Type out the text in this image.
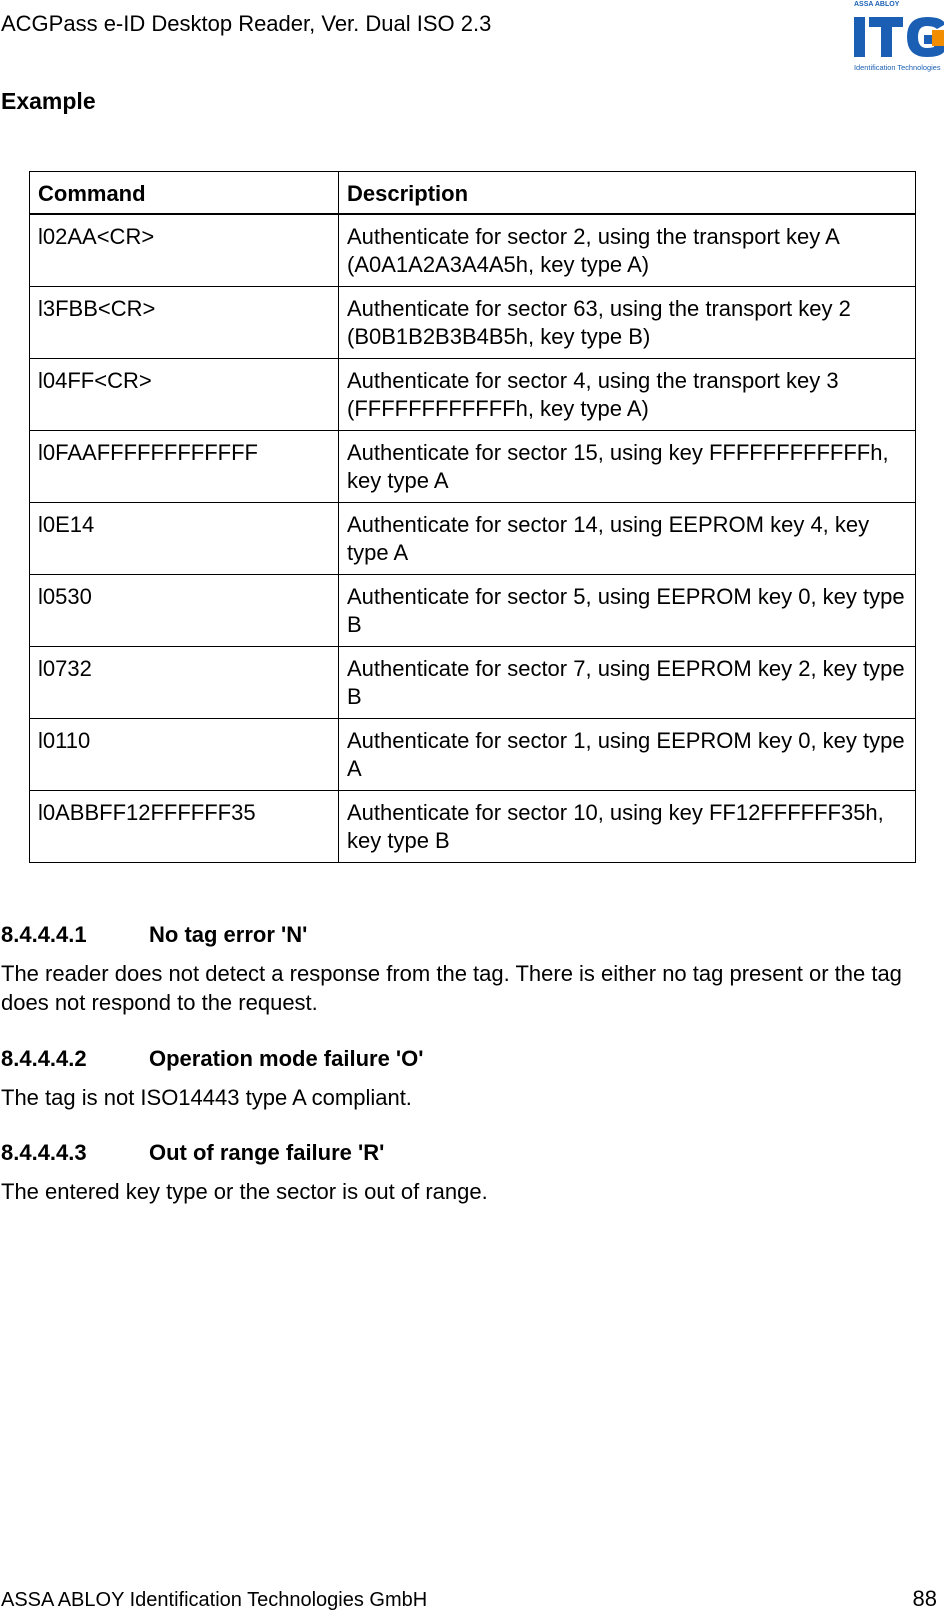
ACGPass e-ID Desktop Reader, Ver. Dual ISO 2.3
ASSA ABLOY
Identification Technologies
Example
Command	Description
l02AA<CR>	Authenticate for sector 2, using the transport key A (A0A1A2A3A4A5h, key type A)
l3FBB<CR>	Authenticate for sector 63, using the transport key 2 (B0B1B2B3B4B5h, key type B)
l04FF<CR>	Authenticate for sector 4, using the transport key 3 (FFFFFFFFFFFFh, key type A)
l0FAAFFFFFFFFFFFF	Authenticate for sector 15, using key FFFFFFFFFFFFh, key type A
l0E14	Authenticate for sector 14, using EEPROM key 4, key type A
l0530	Authenticate for sector 5, using EEPROM key 0, key type B
l0732	Authenticate for sector 7, using EEPROM key 2, key type B
l0110	Authenticate for sector 1, using EEPROM key 0, key type A
l0ABBFF12FFFFFF35	Authenticate for sector 10, using key FF12FFFFFF35h, key type B
8.4.4.4.1	No tag error 'N'
The reader does not detect a response from the tag. There is either no tag present or the tag does not respond to the request.
8.4.4.4.2	Operation mode failure 'O'
The tag is not ISO14443 type A compliant.
8.4.4.4.3	Out of range failure 'R'
The entered key type or the sector is out of range.
ASSA ABLOY Identification Technologies GmbH	88
